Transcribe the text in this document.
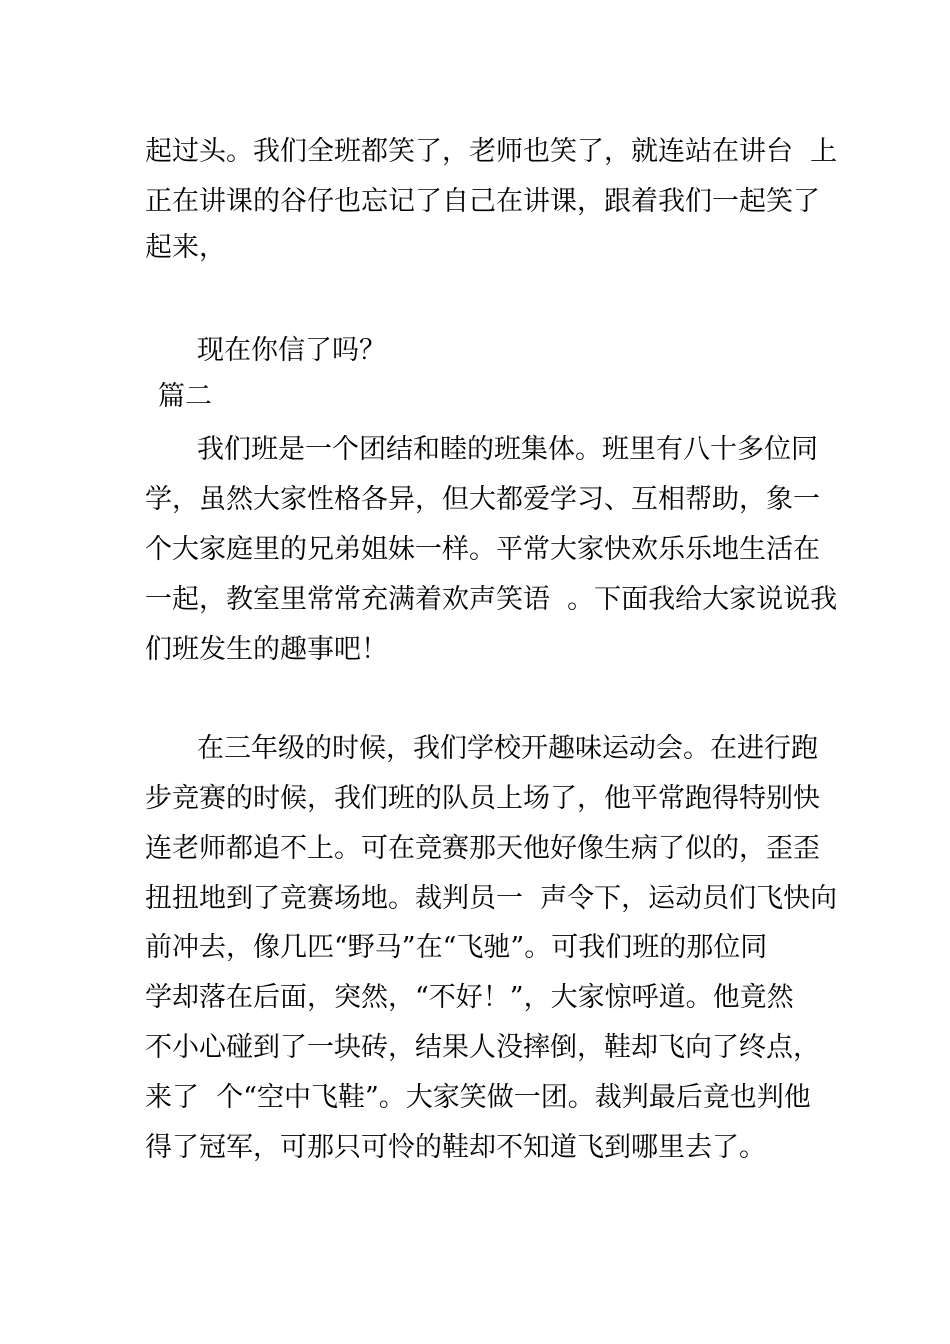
起过头。我们全班都笑了，老师也笑了，就连站在讲台  上
正在讲课的谷仔也忘记了自己在讲课，跟着我们一起笑了
起来，
现在你信了吗？
篇二
我们班是一个团结和睦的班集体。班里有八十多位同
学，虽然大家性格各异，但大都爱学习、互相帮助，象一
个大家庭里的兄弟姐妹一样。平常大家快欢乐乐地生活在
一起，教室里常常充满着欢声笑语  。下面我给大家说说我
们班发生的趣事吧！
在三年级的时候，我们学校开趣味运动会。在进行跑
步竞赛的时候，我们班的队员上场了，他平常跑得特别快
连老师都追不上。可在竞赛那天他好像生病了似的，歪歪
扭扭地到了竞赛场地。裁判员一  声令下，运动员们飞快向
前冲去，像几匹“野马”在“飞驰”。可我们班的那位同
学却落在后面，突然，“不好！”，大家惊呼道。他竟然
不小心碰到了一块砖，结果人没摔倒，鞋却飞向了终点，
来了  个“空中飞鞋”。大家笑做一团。裁判最后竟也判他
得了冠军，可那只可怜的鞋却不知道飞到哪里去了。
